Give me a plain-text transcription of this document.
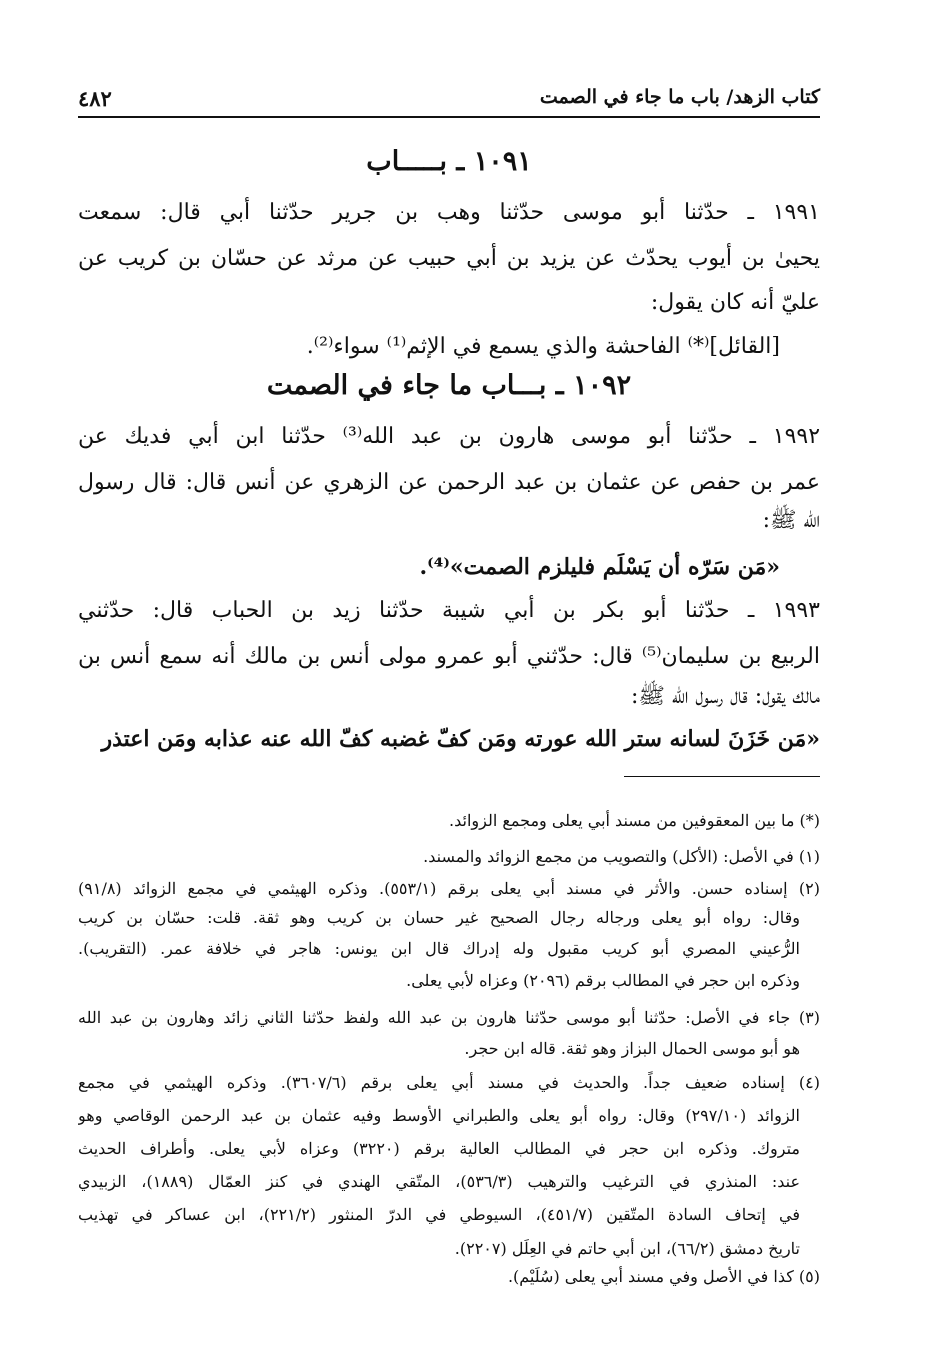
كتاب الزهد/ باب ما جاء في الصمت
٤٨٢
١٠٩١ ـ بـــــاب
١٩٩١ ـ حدّثنا أبو موسى حدّثنا وهب بن جرير حدّثنا أبي قال: سمعت
يحيىٰ بن أيوب يحدّث عن يزيد بن أبي حبيب عن مرثد عن حسّان بن كريب عن
عليّ أنه كان يقول:
[القائل]⁽*⁾ الفاحشة والذي يسمع في الإثم⁽¹⁾ سواء⁽²⁾.
١٠٩٢ ـ بـــاب ما جاء في الصمت
١٩٩٢ ـ حدّثنا أبو موسى هارون بن عبد الله⁽³⁾ حدّثنا ابن أبي فديك عن
عمر بن حفص عن عثمان بن عبد الرحمن عن الزهري عن أنس قال: قال رسول
الله ﷺ:
«مَن سَرّه أن يَسْلَم فليلزم الصمت»⁽⁴⁾.
١٩٩٣ ـ حدّثنا أبو بكر بن أبي شيبة حدّثنا زيد بن الحباب قال: حدّثني
الربيع بن سليمان⁽⁵⁾ قال: حدّثني أبو عمرو مولى أنس بن مالك أنه سمع أنس بن
مالك يقول: قال رسول الله ﷺ:
«مَن خَزَنَ لسانه ستر الله عورته ومَن كفّ غضبه كفّ الله عنه عذابه ومَن اعتذر
(*) ما بين المعقوفين من مسند أبي يعلى ومجمع الزوائد.
(١) في الأصل: (الأكل) والتصويب من مجمع الزوائد والمسند.
(٢) إسناده حسن. والأثر في مسند أبي يعلى برقم (٥٥٣/١). وذكره الهيثمي في مجمع الزوائد (٩١/٨)
وقال: رواه أبو يعلى ورجاله رجال الصحيح غير حسان بن كريب وهو ثقة. قلت: حسّان بن كريب
الرُّعيني المصري أبو كريب مقبول وله إدراك قال ابن يونس: هاجر في خلافة عمر. (التقريب).
وذكره ابن حجر في المطالب برقم (٢٠٩٦) وعزاه لأبي يعلى.
(٣) جاء في الأصل: حدّثنا أبو موسى حدّثنا هارون بن عبد الله ولفظ حدّثنا الثاني زائد وهارون بن عبد الله
هو أبو موسى الحمال البزاز وهو ثقة. قاله ابن حجر.
(٤) إسناده ضعيف جداً. والحديث في مسند أبي يعلى برقم (٣٦٠٧/٦). وذكره الهيثمي في مجمع
الزوائد (٢٩٧/١٠) وقال: رواه أبو يعلى والطبراني الأوسط وفيه عثمان بن عبد الرحمن الوقاصي وهو
متروك. وذكره ابن حجر في المطالب العالية برقم (٣٢٢٠) وعزاه لأبي يعلى. وأطراف الحديث
عند: المنذري في الترغيب والترهيب (٥٣٦/٣)، المتّقي الهندي في كنز العمّال (١٨٨٩)، الزبيدي
في إتحاف السادة المتّقين (٤٥١/٧)، السيوطي في الدرّ المنثور (٢٢١/٢)، ابن عساكر في تهذيب
تاريخ دمشق (٦٦/٢)، ابن أبي حاتم في العِلَل (٢٢٠٧).
(٥) كذا في الأصل وفي مسند أبي يعلى (سُلَيْم).
